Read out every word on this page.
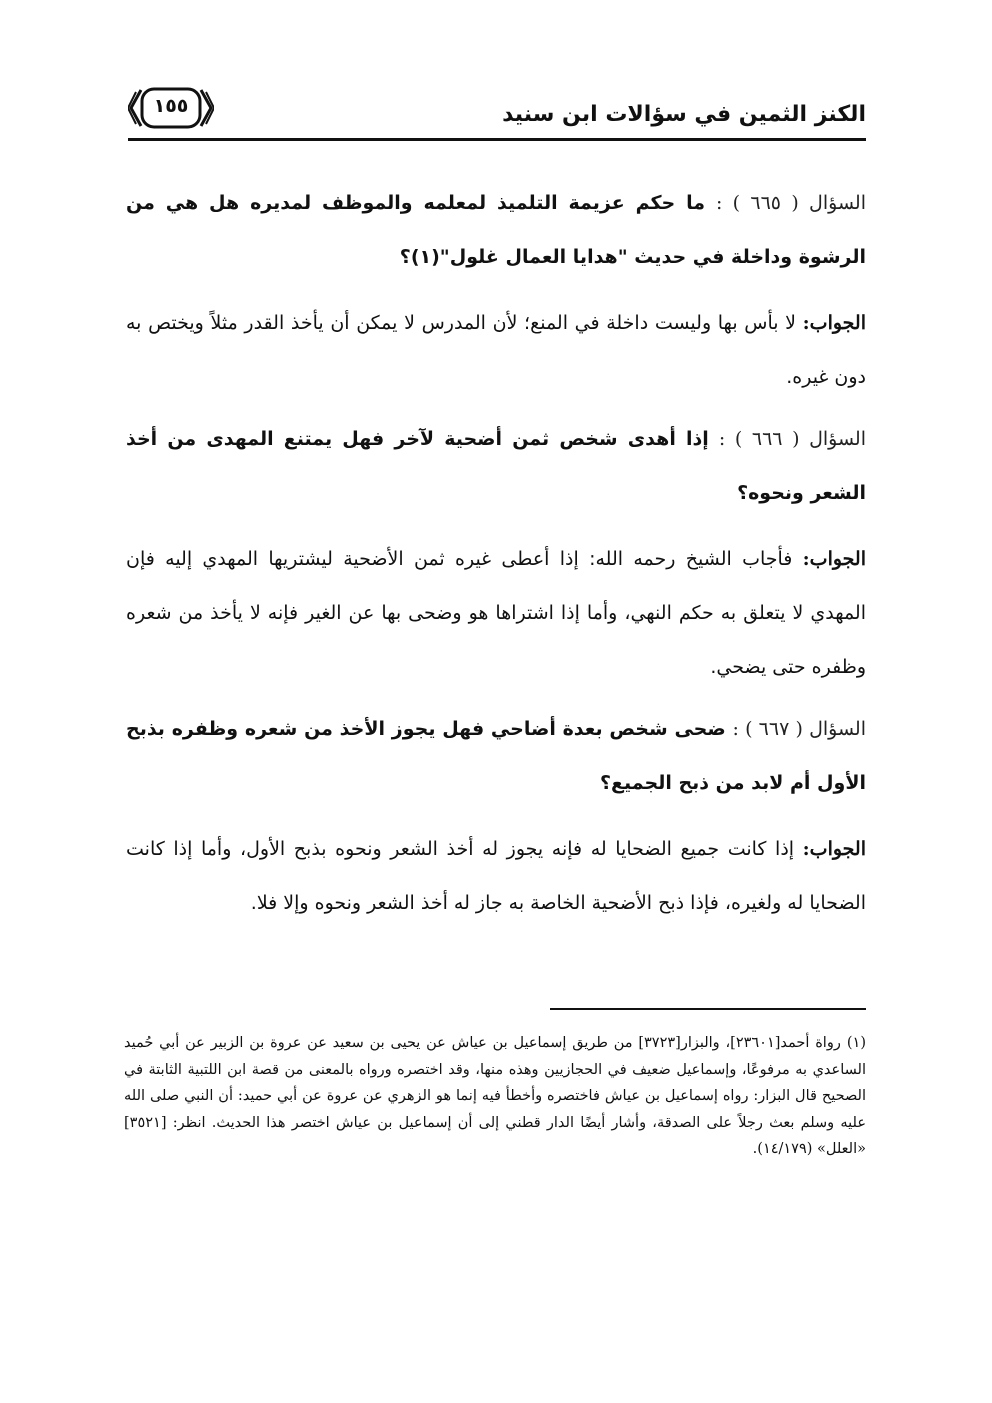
الكنز الثمين في سؤالات ابن سنيد
١٥٥

السؤال ( ٦٦٥ ) : ما حكم عزيمة التلميذ لمعلمه والموظف لمديره هل هي من الرشوة وداخلة في حديث "هدايا العمال غلول"(١)؟

الجواب: لا بأس بها وليست داخلة في المنع؛ لأن المدرس لا يمكن أن يأخذ القدر مثلاً ويختص به دون غيره.

السؤال ( ٦٦٦ ) : إذا أهدى شخص ثمن أضحية لآخر فهل يمتنع المهدى من أخذ الشعر ونحوه؟

الجواب: فأجاب الشيخ رحمه الله: إذا أعطى غيره ثمن الأضحية ليشتريها المهدي إليه فإن المهدي لا يتعلق به حكم النهي، وأما إذا اشتراها هو وضحى بها عن الغير فإنه لا يأخذ من شعره وظفره حتى يضحي.

السؤال ( ٦٦٧ ) : ضحى شخص بعدة أضاحي فهل يجوز الأخذ من شعره وظفره بذبح الأول أم لابد من ذبح الجميع؟

الجواب: إذا كانت جميع الضحايا له فإنه يجوز له أخذ الشعر ونحوه بذبح الأول، وأما إذا كانت الضحايا له ولغيره، فإذا ذبح الأضحية الخاصة به جاز له أخذ الشعر ونحوه وإلا فلا.

(١)رواة أحمد[٢٣٦٠١]، والبزار[٣٧٢٣] من طريق إسماعيل بن عياش عن يحيى بن سعيد عن عروة بن الزبير عن أبي حُميد الساعدي به مرفوعًا، وإسماعيل ضعيف في الحجازيين وهذه منها، وقد اختصره ورواه بالمعنى من قصة ابن اللتبية الثابتة في الصحيح قال البزار: رواه إسماعيل بن عياش فاختصره وأخطأ فيه إنما هو الزهري عن عروة عن أبي حميد: أن النبي صلى الله عليه وسلم بعث رجلاً على الصدقة، وأشار أيضًا الدار قطني إلى أن إسماعيل بن عياش اختصر هذا الحديث. انظر: [٣٥٢١] «العلل» (١٤/١٧٩).
